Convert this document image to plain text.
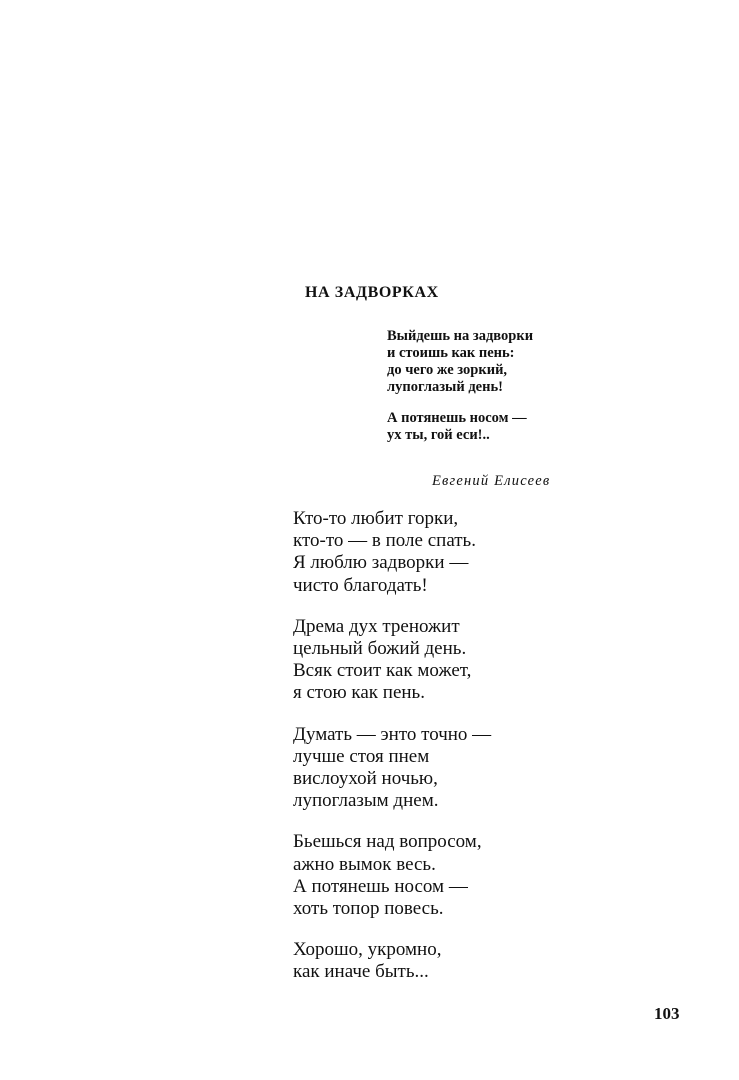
НА ЗАДВОРКАХ
Выйдешь на задворки
и стоишь как пень:
до чего же зоркий,
лупоглазый день!
А потянешь носом —
ух ты, гой еси!..
Евгений Елисеев
Кто-то любит горки,
кто-то — в поле спать.
Я люблю задворки —
чисто благодать!
Дрема дух треножит
цельный божий день.
Всяк стоит как может,
я стою как пень.
Думать — энто точно —
лучше стоя пнем
вислоухой ночью,
лупоглазым днем.
Бьешься над вопросом,
ажно вымок весь.
А потянешь носом —
хоть топор повесь.
Хорошо, укромно,
как иначе быть...
103
